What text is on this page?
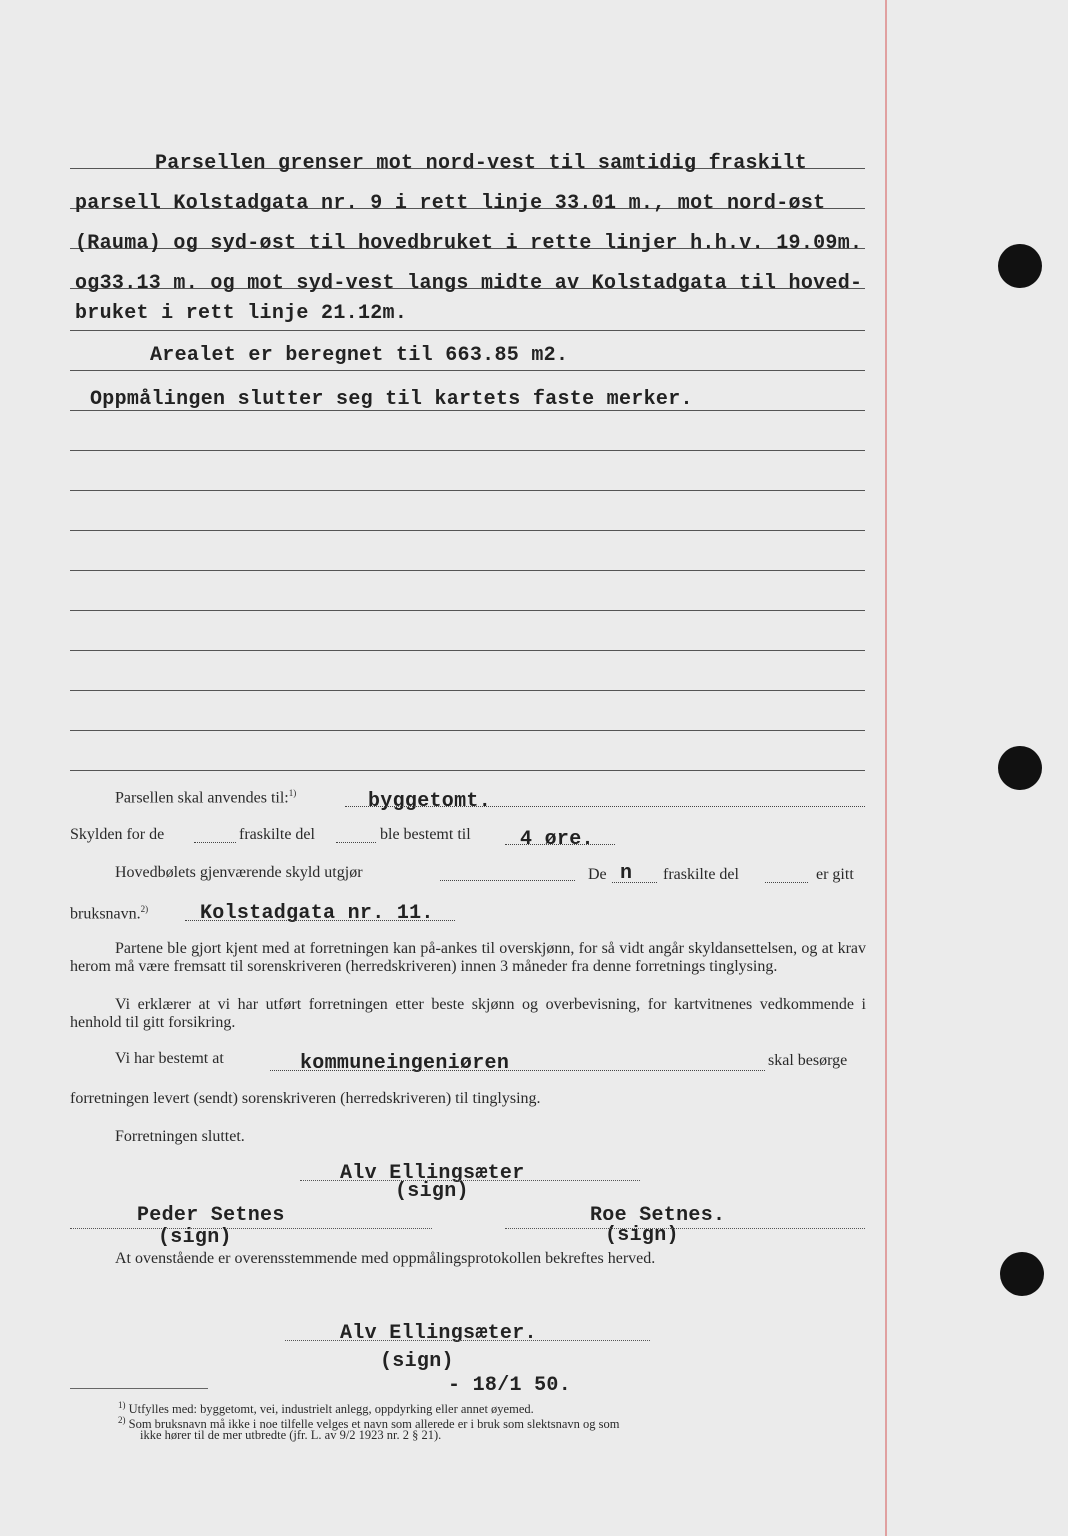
Parsellen grenser mot nord-vest til samtidig fraskilt
parsell Kolstadgata nr. 9 i rett linje 33.01 m., mot nord-øst
(Rauma) og syd-øst til hovedbruket i rette linjer h.h.v. 19.09m.
og33.13 m. og mot syd-vest langs midte av Kolstadgata til hoved-
bruket i rett linje 21.12m.
Arealet er beregnet til 663.85 m2.
Oppmålingen slutter seg til kartets faste merker.
Parsellen skal anvendes til:$^{1)}$	byggetomt.
Skylden for de	fraskilte del	ble bestemt til 4 øre.
Hovedbølets gjenværende skyld utgjør	De n fraskilte del	er gitt
bruksnavn.$^{2)}$	Kolstadgata nr. 11.
Partene ble gjort kjent med at forretningen kan på-ankes til overskjønn, for så vidt angår skyldansettelsen, og at krav herom må være fremsatt til sorenskriveren (herredskriveren) innen 3 måneder fra denne forretnings tinglysing.
Vi erklærer at vi har utført forretningen etter beste skjønn og overbevisning, for kartvitnenes vedkommende i henhold til gitt forsikring.
Vi har bestemt at	kommuneingeniøren	skal besørge
forretningen levert (sendt) sorenskriveren (herredskriveren) til tinglysing.
Forretningen sluttet.
Alv Ellingsæter
(sign)
Peder Setnes
(sign)
Roe Setnes.
(sign)
At ovenstående er overensstemmende med oppmålingsprotokollen bekreftes herved.
Alv Ellingsæter.
(sign)
- 18/1 50.
$^{1)}$ Utfylles med: byggetomt, vei, industrielt anlegg, oppdyrking eller annet øyemed.
$^{2)}$ Som bruksnavn må ikke i noe tilfelle velges et navn som allerede er i bruk som slektsnavn og som
ikke hører til de mer utbredte (jfr. L. av 9/2 1923 nr. 2 § 21).
